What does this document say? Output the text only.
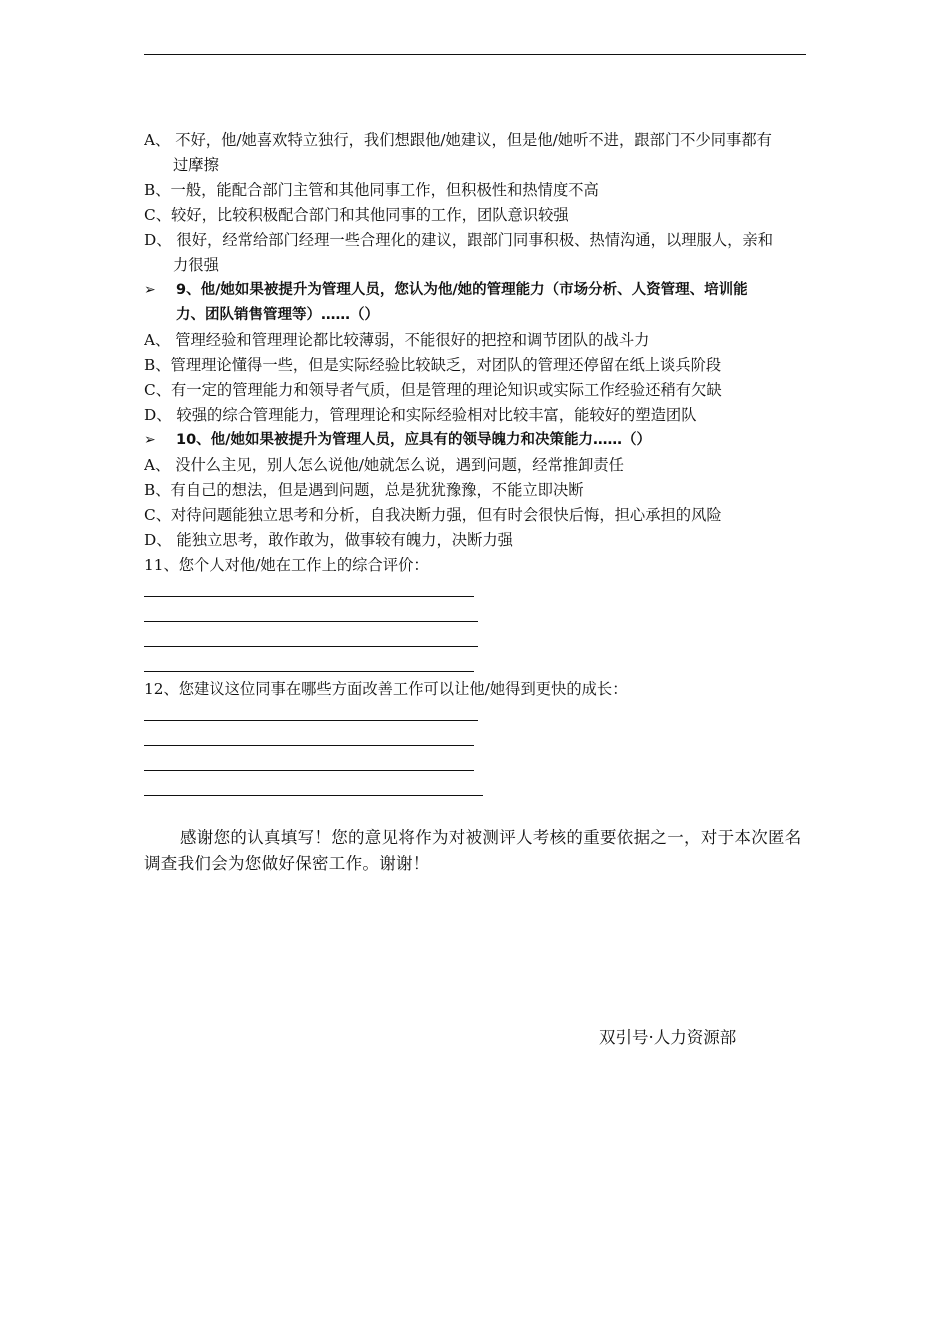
A、 不好，他/她喜欢特立独行，我们想跟他/她建议，但是他/她听不进，跟部门不少同事都有
过摩擦
B、一般，能配合部门主管和其他同事工作，但积极性和热情度不高
C、较好，比较积极配合部门和其他同事的工作，团队意识较强
D、 很好，经常给部门经理一些合理化的建议，跟部门同事积极、热情沟通，以理服人，亲和
力很强
➢	9、他/她如果被提升为管理人员，您认为他/她的管理能力（市场分析、人资管理、培训能
力、团队销售管理等）……（）
A、 管理经验和管理理论都比较薄弱，不能很好的把控和调节团队的战斗力
B、管理理论懂得一些，但是实际经验比较缺乏，对团队的管理还停留在纸上谈兵阶段
C、有一定的管理能力和领导者气质，但是管理的理论知识或实际工作经验还稍有欠缺
D、 较强的综合管理能力，管理理论和实际经验相对比较丰富，能较好的塑造团队
➢	10、他/她如果被提升为管理人员，应具有的领导魄力和决策能力……（）
A、 没什么主见，别人怎么说他/她就怎么说，遇到问题，经常推卸责任
B、有自己的想法，但是遇到问题，总是犹犹豫豫，不能立即决断
C、对待问题能独立思考和分析，自我决断力强，但有时会很快后悔，担心承担的风险
D、 能独立思考，敢作敢为，做事较有魄力，决断力强
11、您个人对他/她在工作上的综合评价：
12、您建议这位同事在哪些方面改善工作可以让他/她得到更快的成长：
感谢您的认真填写！您的意见将作为对被测评人考核的重要依据之一，对于本次匿名调查我们会为您做好保密工作。谢谢！
双引号·人力资源部
